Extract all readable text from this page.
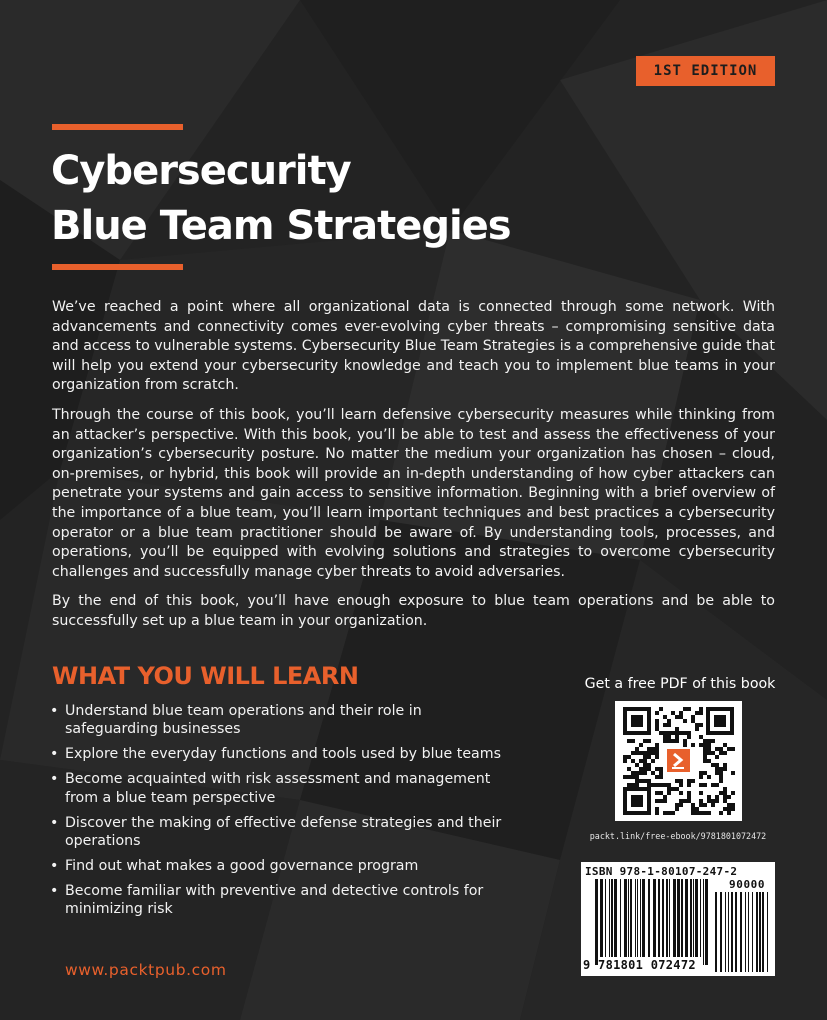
1ST EDITION
Cybersecurity
Blue Team Strategies

We’ve reached a point where all organizational data is connected through some network. With advancements and connectivity comes ever-evolving cyber threats – compromising sensitive data and access to vulnerable systems. Cybersecurity Blue Team Strategies is a comprehensive guide that will help you extend your cybersecurity knowledge and teach you to implement blue teams in your organization from scratch.

Through the course of this book, you’ll learn defensive cybersecurity measures while thinking from an attacker’s perspective. With this book, you’ll be able to test and assess the effectiveness of your organization’s cybersecurity posture. No matter the medium your organization has chosen – cloud, on-premises, or hybrid, this book will provide an in-depth understanding of how cyber attackers can penetrate your systems and gain access to sensitive information. Beginning with a brief overview of the importance of a blue team, you’ll learn important techniques and best practices a cybersecurity operator or a blue team practitioner should be aware of. By understanding tools, processes, and operations, you’ll be equipped with evolving solutions and strategies to overcome cybersecurity challenges and successfully manage cyber threats to avoid adversaries.

By the end of this book, you’ll have enough exposure to blue team operations and be able to successfully set up a blue team in your organization.

WHAT YOU WILL LEARN
• Understand blue team operations and their role in safeguarding businesses
• Explore the everyday functions and tools used by blue teams
• Become acquainted with risk assessment and management from a blue team perspective
• Discover the making of effective defense strategies and their operations
• Find out what makes a good governance program
• Become familiar with preventive and detective controls for minimizing risk
Get a free PDF of this book
packt.link/free-ebook/9781801072472
ISBN 978-1-80107-247-2
90000
9 781801 072472
www.packtpub.com
